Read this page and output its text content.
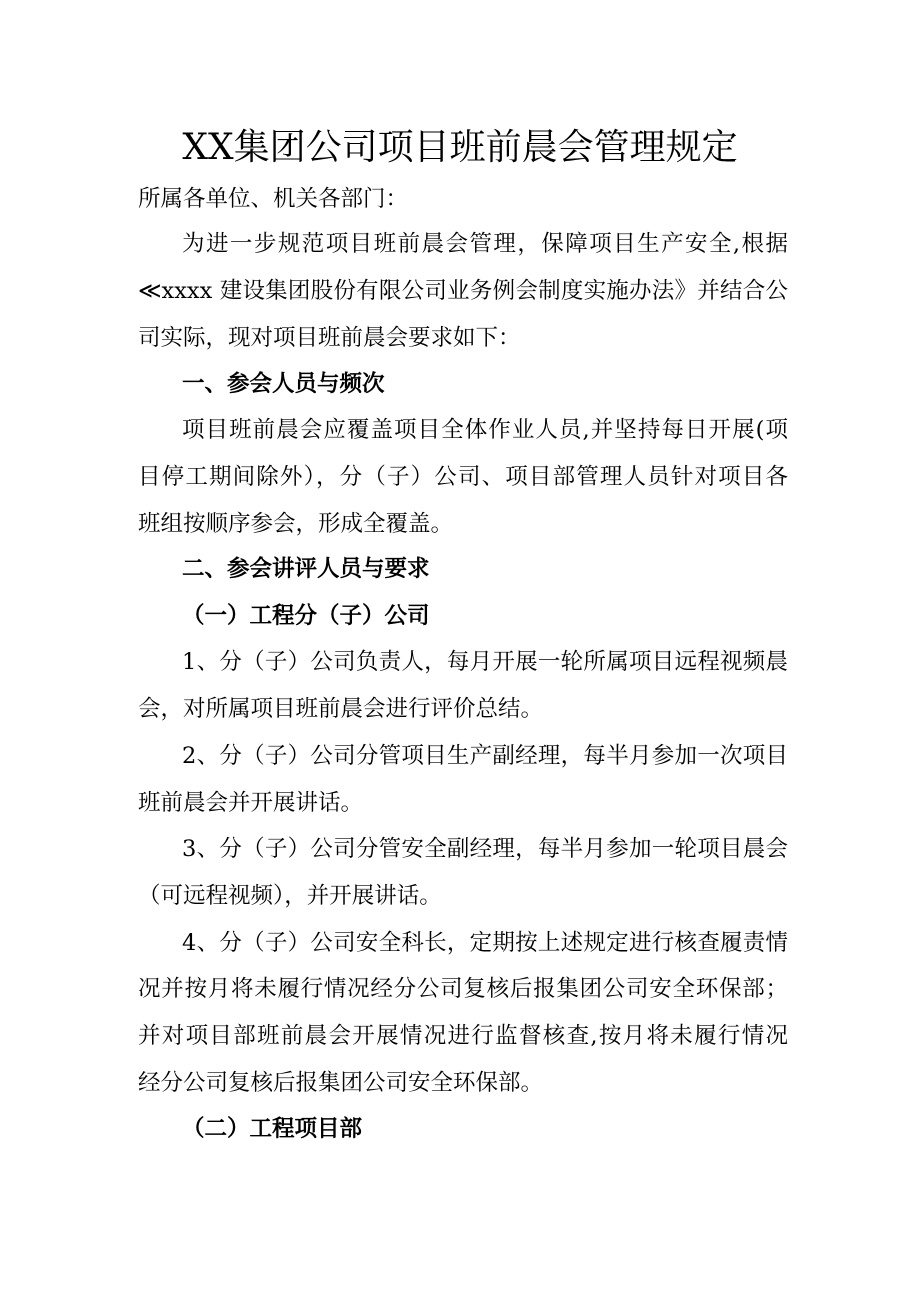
XX集团公司项目班前晨会管理规定
所属各单位、机关各部门：
为进一步规范项目班前晨会管理，保障项目生产安全,根据
≪xxxx 建设集团股份有限公司业务例会制度实施办法》并结合公
司实际，现对项目班前晨会要求如下：
一、参会人员与频次
项目班前晨会应覆盖项目全体作业人员,并坚持每日开展(项
目停工期间除外），分（子）公司、项目部管理人员针对项目各
班组按顺序参会，形成全覆盖。
二、参会讲评人员与要求
（一）工程分（子）公司
1、分（子）公司负责人，每月开展一轮所属项目远程视频晨
会，对所属项目班前晨会进行评价总结。
2、分（子）公司分管项目生产副经理，每半月参加一次项目
班前晨会并开展讲话。
3、分（子）公司分管安全副经理，每半月参加一轮项目晨会
（可远程视频），并开展讲话。
4、分（子）公司安全科长，定期按上述规定进行核查履责情
况并按月将未履行情况经分公司复核后报集团公司安全环保部；
并对项目部班前晨会开展情况进行监督核查,按月将未履行情况
经分公司复核后报集团公司安全环保部。
（二）工程项目部
